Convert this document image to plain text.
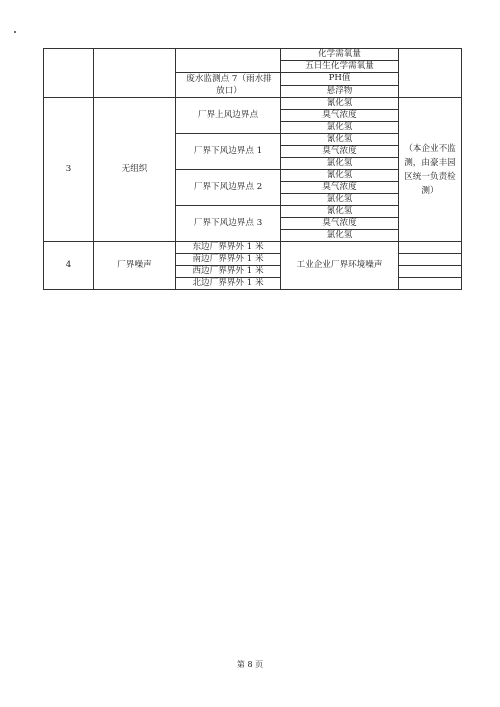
			化学需氧量	
			五日生化学需氧量	
		废水监测点 7（雨水排放口）	PH值	
			悬浮物	
3	无组织	厂界上风边界点	氰化氢	（本企业不监测，由豪丰园区统一负责检测）
			臭气浓度	
			氯化氢	
		厂界下风边界点 1	氰化氢	
			臭气浓度	
			氯化氢	
		厂界下风边界点 2	氰化氢	
			臭气浓度	
			氯化氢	
		厂界下风边界点 3	氰化氢	
			臭气浓度	
			氯化氢	
4	厂界噪声	东边厂界界外 1 米	工业企业厂界环境噪声	
		南边厂界界外 1 米		
		西边厂界界外 1 米		
		北边厂界界外 1 米		
第 8 页
